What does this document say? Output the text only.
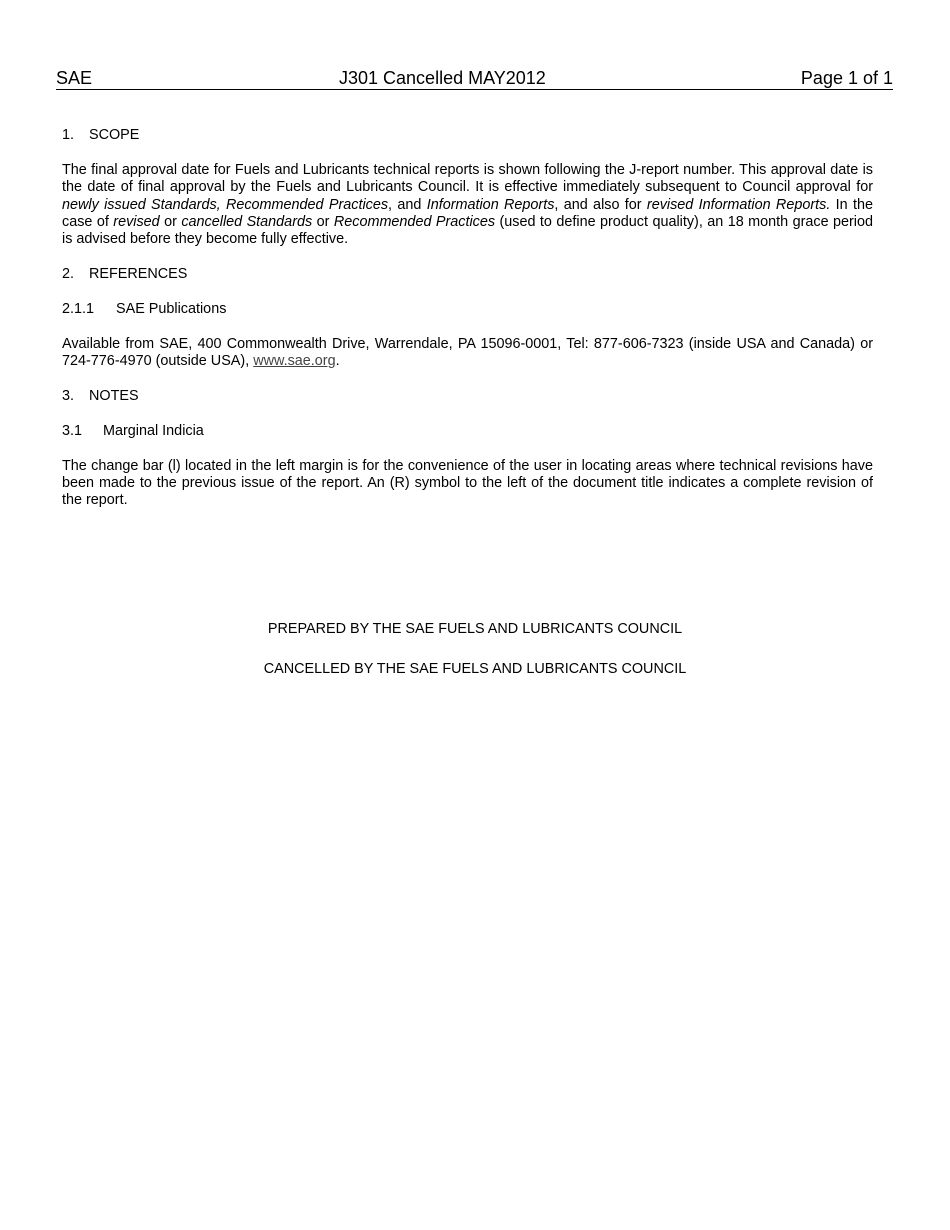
SAE	J301 Cancelled MAY2012	Page 1 of 1
1. SCOPE

The final approval date for Fuels and Lubricants technical reports is shown following the J-report number. This approval date is the date of final approval by the Fuels and Lubricants Council. It is effective immediately subsequent to Council approval for newly issued Standards, Recommended Practices, and Information Reports, and also for revised Information Reports. In the case of revised or cancelled Standards or Recommended Practices (used to define product quality), an 18 month grace period is advised before they become fully effective.

2. REFERENCES
2.1.1 SAE Publications

Available from SAE, 400 Commonwealth Drive, Warrendale, PA 15096-0001, Tel: 877-606-7323 (inside USA and Canada) or 724-776-4970 (outside USA), www.sae.org.

3. NOTES
3.1 Marginal Indicia

The change bar (l) located in the left margin is for the convenience of the user in locating areas where technical revisions have been made to the previous issue of the report. An (R) symbol to the left of the document title indicates a complete revision of the report.

PREPARED BY THE SAE FUELS AND LUBRICANTS COUNCIL
CANCELLED BY THE SAE FUELS AND LUBRICANTS COUNCIL
